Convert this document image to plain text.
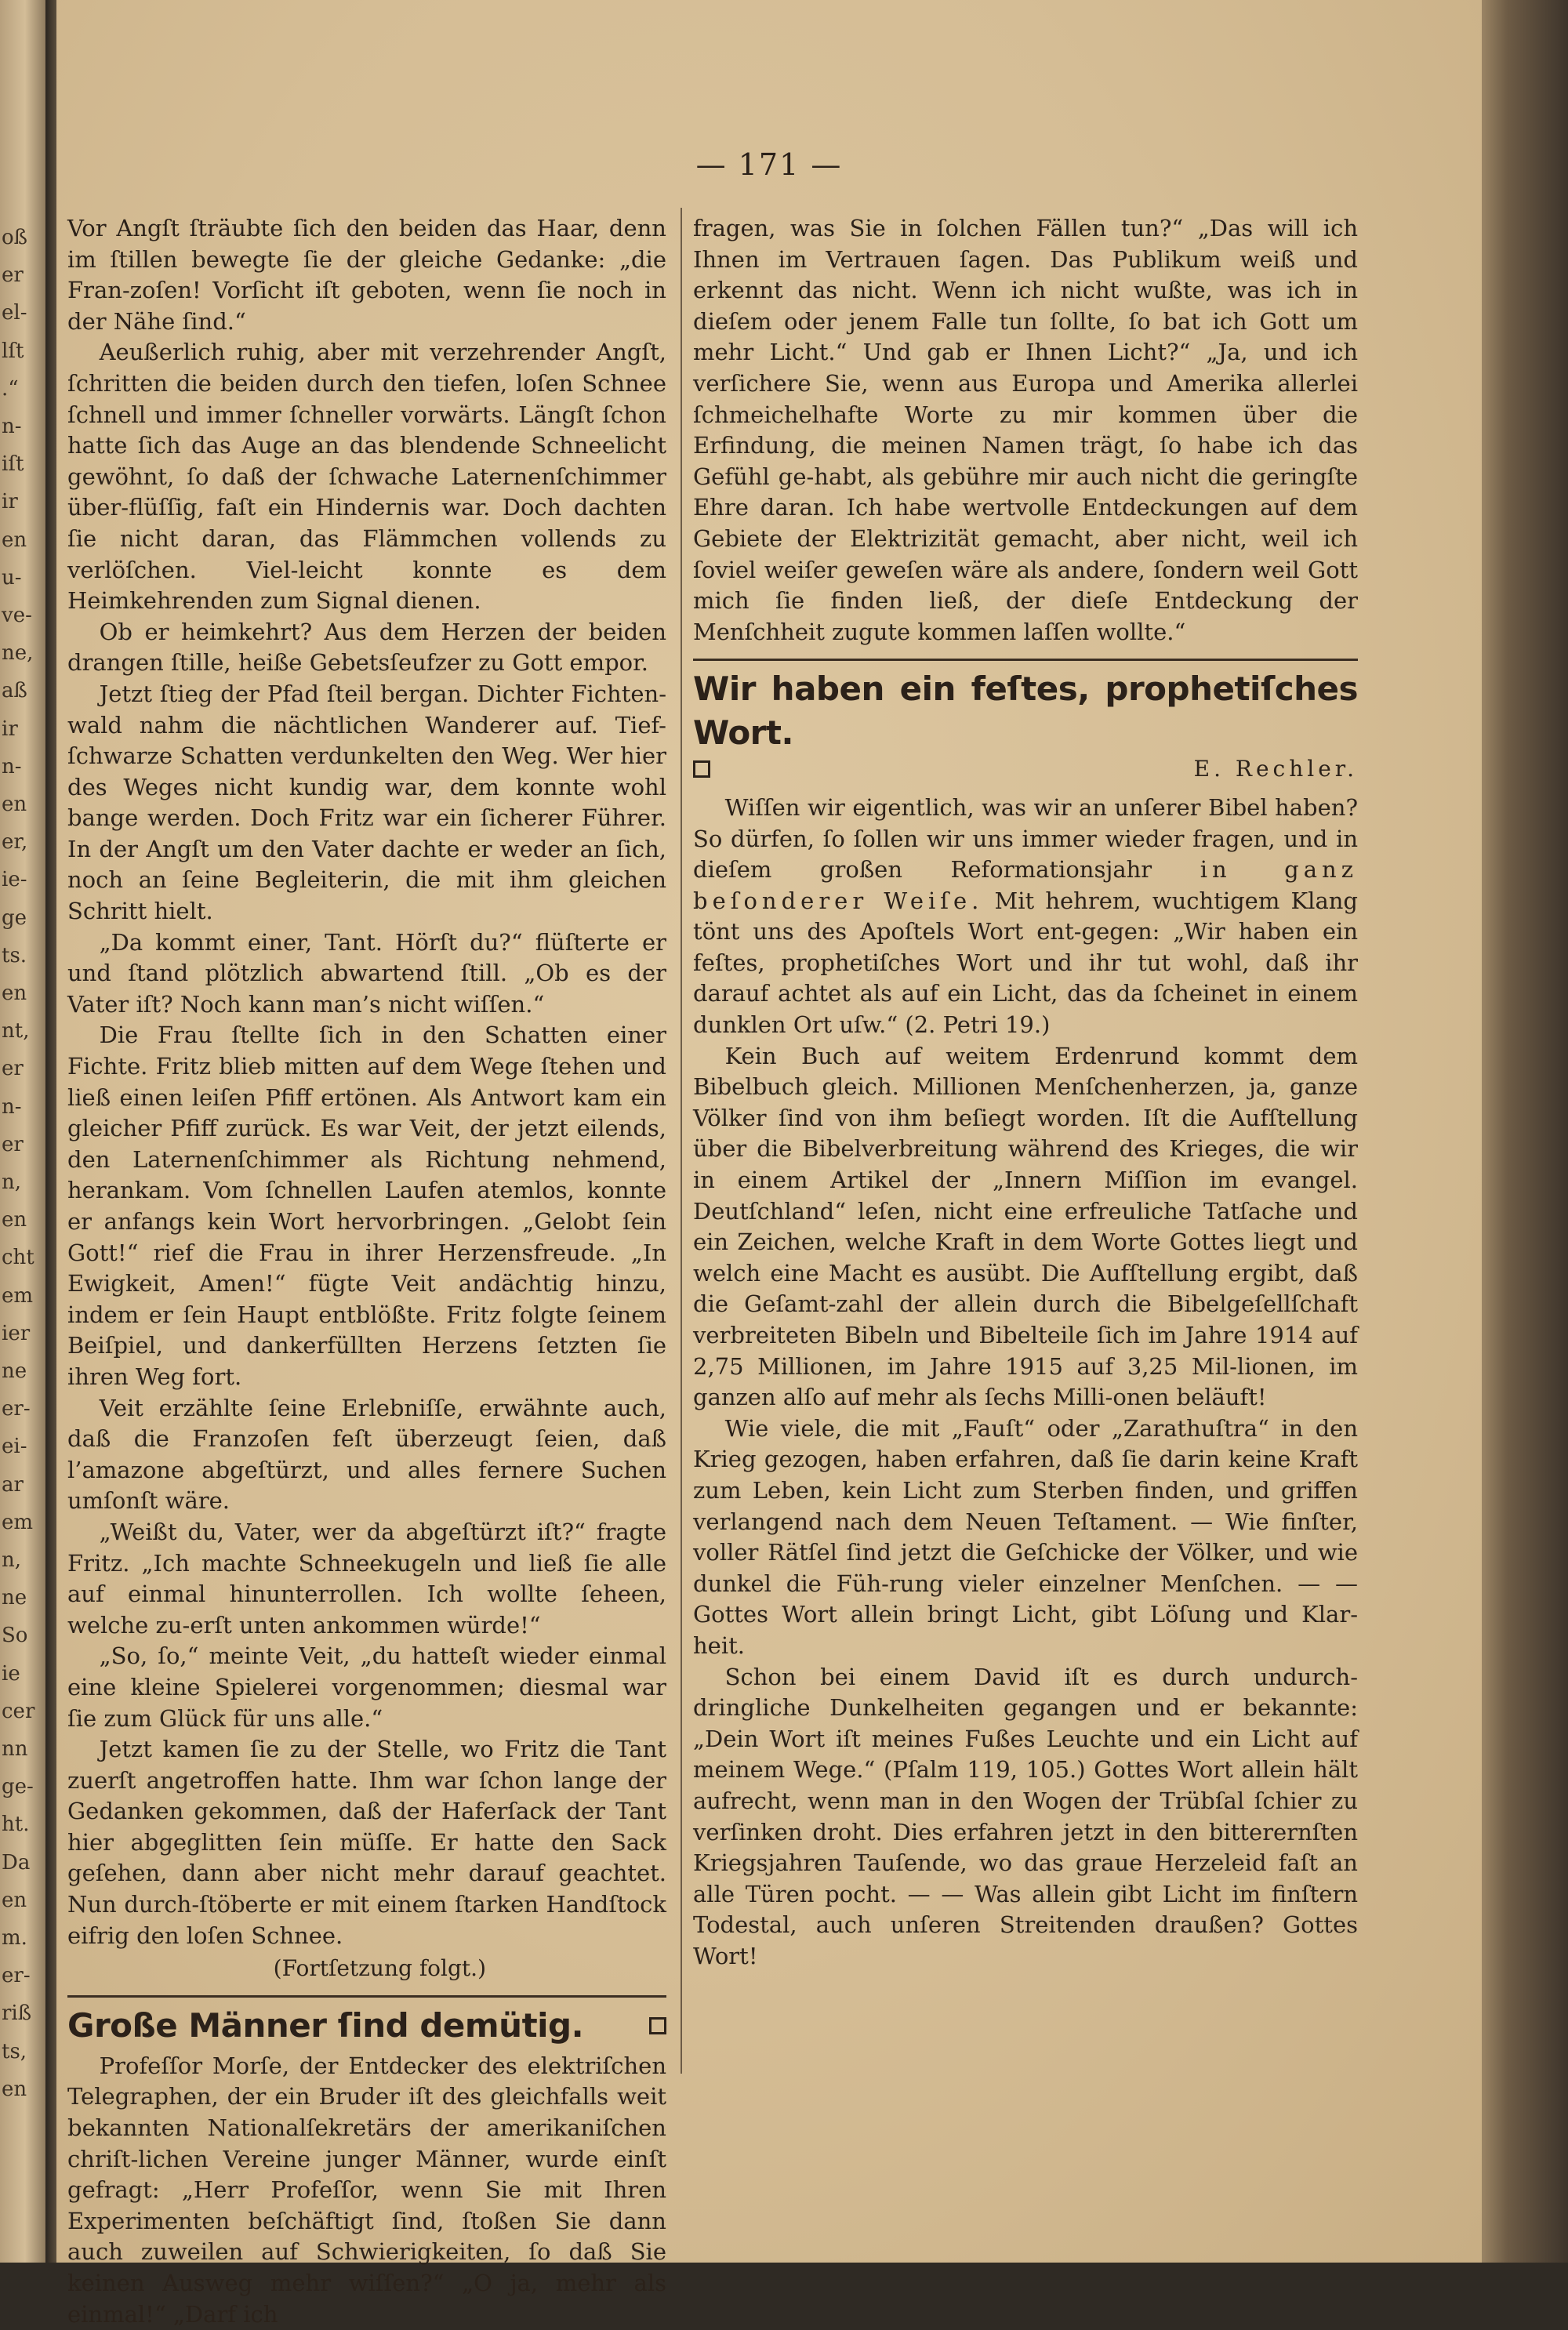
oß
er
el-
lſt
.“
n-
iſt
ir
en
u-
ve-
ne,
aß
ir
n-
en
er,
ie-
ge
ts.
en
nt,
er
n-
er
n,
en
cht
em
ier
ne
er-
ei-
ar
em
n,
ne
So
ie
cer
nn
ge-
ht.
Da
en
m.
er-
riß
ts,
en
— 171 —

Vor Angſt ſträubte ſich den beiden das Haar, denn im ſtillen bewegte ſie der gleiche Gedanke: „die Fran-zoſen! Vorſicht iſt geboten, wenn ſie noch in der Nähe ſind.“

Aeußerlich ruhig, aber mit verzehrender Angſt, ſchritten die beiden durch den tiefen, loſen Schnee ſchnell und immer ſchneller vorwärts. Längſt ſchon hatte ſich das Auge an das blendende Schneelicht gewöhnt, ſo daß der ſchwache Laternenſchimmer über-flüſſig, faſt ein Hindernis war. Doch dachten ſie nicht daran, das Flämmchen vollends zu verlöſchen. Viel-leicht konnte es dem Heimkehrenden zum Signal dienen.

Ob er heimkehrt? Aus dem Herzen der beiden drangen ſtille, heiße Gebetsſeufzer zu Gott empor.

Jetzt ſtieg der Pfad ſteil bergan. Dichter Fichten-wald nahm die nächtlichen Wanderer auf. Tief-ſchwarze Schatten verdunkelten den Weg. Wer hier des Weges nicht kundig war, dem konnte wohl bange werden. Doch Fritz war ein ſicherer Führer. In der Angſt um den Vater dachte er weder an ſich, noch an ſeine Begleiterin, die mit ihm gleichen Schritt hielt.

„Da kommt einer, Tant. Hörſt du?“ flüſterte er und ſtand plötzlich abwartend ſtill. „Ob es der Vater iſt? Noch kann man’s nicht wiſſen.“

Die Frau ſtellte ſich in den Schatten einer Fichte. Fritz blieb mitten auf dem Wege ſtehen und ließ einen leiſen Pfiff ertönen. Als Antwort kam ein gleicher Pfiff zurück. Es war Veit, der jetzt eilends, den Laternenſchimmer als Richtung nehmend, herankam. Vom ſchnellen Laufen atemlos, konnte er anfangs kein Wort hervorbringen. „Gelobt ſein Gott!“ rief die Frau in ihrer Herzensfreude. „In Ewigkeit, Amen!“ fügte Veit andächtig hinzu, indem er ſein Haupt entblößte. Fritz folgte ſeinem Beiſpiel, und dankerfüllten Herzens ſetzten ſie ihren Weg fort.

Veit erzählte ſeine Erlebniſſe, erwähnte auch, daß die Franzoſen feſt überzeugt ſeien, daß l’amazone abgeſtürzt, und alles fernere Suchen umſonſt wäre.

„Weißt du, Vater, wer da abgeſtürzt iſt?“ fragte Fritz. „Ich machte Schneekugeln und ließ ſie alle auf einmal hinunterrollen. Ich wollte ſeheen, welche zu-erſt unten ankommen würde!“

„So, ſo,“ meinte Veit, „du hatteſt wieder einmal eine kleine Spielerei vorgenommen; diesmal war ſie zum Glück für uns alle.“

Jetzt kamen ſie zu der Stelle, wo Fritz die Tant zuerſt angetroffen hatte. Ihm war ſchon lange der Gedanken gekommen, daß der Haferſack der Tant hier abgeglitten ſein müſſe. Er hatte den Sack geſehen, dann aber nicht mehr darauf geachtet. Nun durch-ſtöberte er mit einem ſtarken Handſtock eifrig den loſen Schnee.

(Fortſetzung folgt.)
Große Männer ſind demütig.

Profeſſor Morſe, der Entdecker des elektriſchen Telegraphen, der ein Bruder iſt des gleichfalls weit bekannten Nationalſekretärs der amerikaniſchen chriſt-lichen Vereine junger Männer, wurde einſt gefragt: „Herr Profeſſor, wenn Sie mit Ihren Experimenten beſchäftigt ſind, ſtoßen Sie dann auch zuweilen auf Schwierigkeiten, ſo daß Sie keinen Ausweg mehr wiſſen?“ „O ja, mehr als einmal!“ „Darf ich

fragen, was Sie in ſolchen Fällen tun?“ „Das will ich Ihnen im Vertrauen ſagen. Das Publikum weiß und erkennt das nicht. Wenn ich nicht wußte, was ich in dieſem oder jenem Falle tun ſollte, ſo bat ich Gott um mehr Licht.“ Und gab er Ihnen Licht?“ „Ja, und ich verſichere Sie, wenn aus Europa und Amerika allerlei ſchmeichelhafte Worte zu mir kommen über die Erfindung, die meinen Namen trägt, ſo habe ich das Gefühl ge-habt, als gebühre mir auch nicht die geringſte Ehre daran. Ich habe wertvolle Entdeckungen auf dem Gebiete der Elektrizität gemacht, aber nicht, weil ich ſoviel weiſer geweſen wäre als andere, ſondern weil Gott mich ſie finden ließ, der dieſe Entdeckung der Menſchheit zugute kommen laſſen wollte.“

Wir haben ein feſtes, prophetiſches Wort.
E. Rechler.

Wiſſen wir eigentlich, was wir an unſerer Bibel haben? So dürfen, ſo ſollen wir uns immer wieder fragen, und in dieſem großen Reformationsjahr in ganz beſonderer Weiſe. Mit hehrem, wuchtigem Klang tönt uns des Apoſtels Wort ent-gegen: „Wir haben ein feſtes, prophetiſches Wort und ihr tut wohl, daß ihr darauf achtet als auf ein Licht, das da ſcheinet in einem dunklen Ort uſw.“ (2. Petri 19.)

Kein Buch auf weitem Erdenrund kommt dem Bibelbuch gleich. Millionen Menſchenherzen, ja, ganze Völker ſind von ihm beſiegt worden. Iſt die Aufſtellung über die Bibelverbreitung während des Krieges, die wir in einem Artikel der „Innern Miſſion im evangel. Deutſchland“ leſen, nicht eine erfreuliche Tatſache und ein Zeichen, welche Kraft in dem Worte Gottes liegt und welch eine Macht es ausübt. Die Aufſtellung ergibt, daß die Geſamt-zahl der allein durch die Bibelgeſellſchaft verbreiteten Bibeln und Bibelteile ſich im Jahre 1914 auf 2,75 Millionen, im Jahre 1915 auf 3,25 Mil-lionen, im ganzen alſo auf mehr als ſechs Milli-onen beläuft!

Wie viele, die mit „Fauſt“ oder „Zarathuſtra“ in den Krieg gezogen, haben erfahren, daß ſie darin keine Kraft zum Leben, kein Licht zum Sterben finden, und griffen verlangend nach dem Neuen Teſtament. — Wie finſter, voller Rätſel ſind jetzt die Geſchicke der Völker, und wie dunkel die Füh-rung vieler einzelner Menſchen. — — Gottes Wort allein bringt Licht, gibt Löſung und Klar-heit.

Schon bei einem David iſt es durch undurch-dringliche Dunkelheiten gegangen und er bekannte: „Dein Wort iſt meines Fußes Leuchte und ein Licht auf meinem Wege.“ (Pſalm 119, 105.) Gottes Wort allein hält aufrecht, wenn man in den Wogen der Trübſal ſchier zu verſinken droht. Dies erfahren jetzt in den bitterernſten Kriegsjahren Tauſende, wo das graue Herzeleid faſt an alle Türen pocht. — — Was allein gibt Licht im finſtern Todestal, auch unſeren Streitenden draußen? Gottes Wort!
